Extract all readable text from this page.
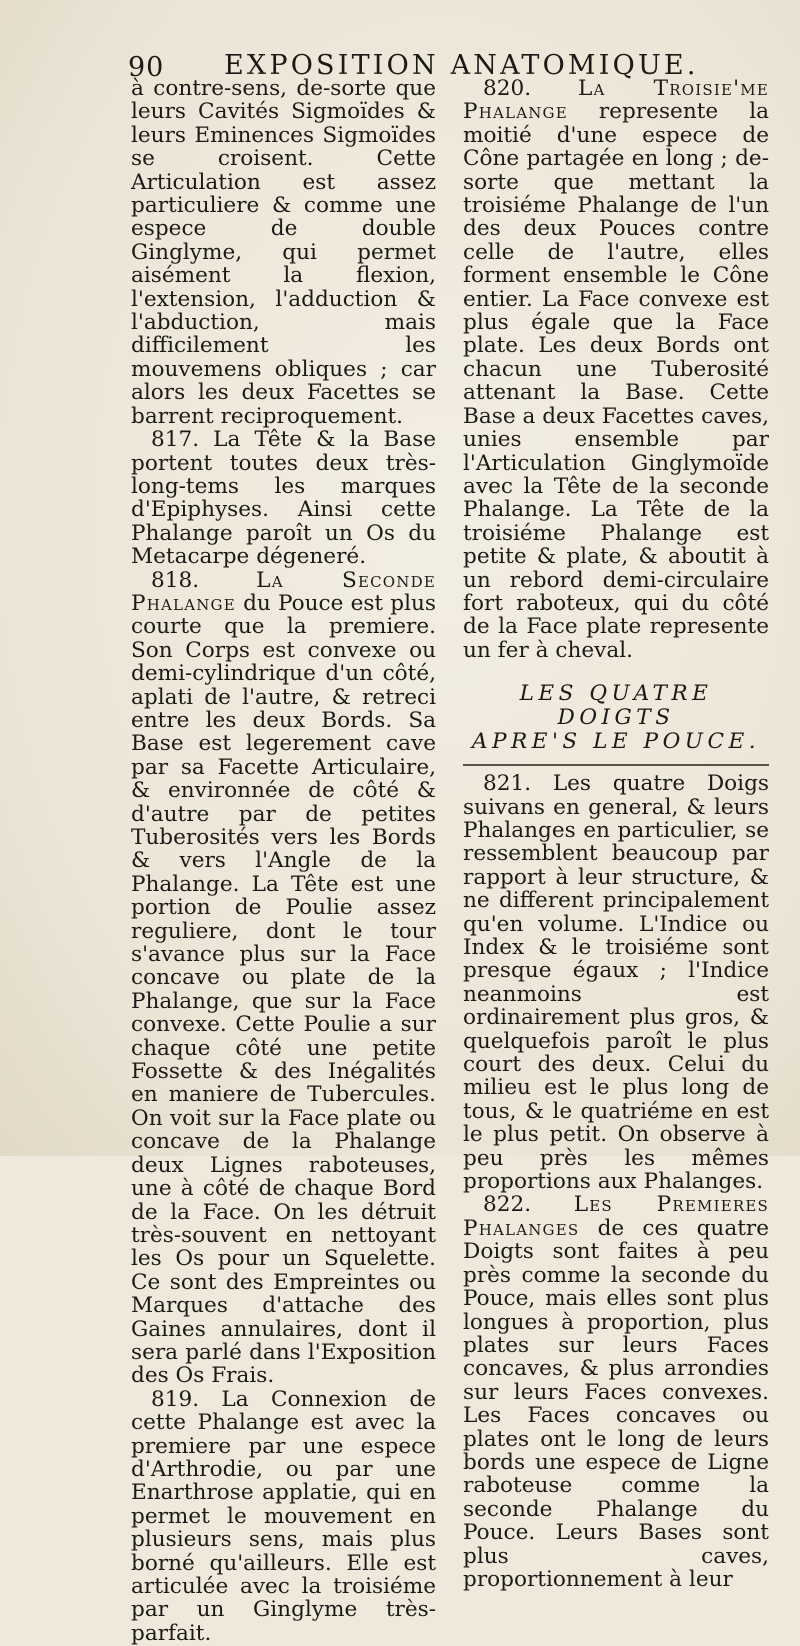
90 EXPOSITION ANATOMIQUE.

à contre-sens, de-sorte que leurs Cavités Sigmoïdes & leurs Eminences Sigmoïdes se croisent. Cette Articulation est assez particuliere & comme une espece de double Ginglyme, qui permet aisément la flexion, l'extension, l'adduction & l'abduction, mais difficilement les mouvemens obliques ; car alors les deux Facettes se barrent reciproquement.

817. La Tête & la Base portent toutes deux très-long-tems les marques d'Epiphyses. Ainsi cette Phalange paroît un Os du Metacarpe dégeneré.

818.	La Seconde Phalange du Pouce est plus courte que la premiere. Son Corps est convexe ou demi-cylindrique d'un côté, aplati de l'autre, & retreci entre les deux Bords. Sa Base est legerement cave par sa Facette Articulaire, & environnée de côté & d'autre par de petites Tuberosités vers les Bords & vers l'Angle de la Phalange. La Tête est une portion de Poulie assez reguliere, dont le tour s'avance plus sur la Face concave ou plate de la Phalange, que sur la Face convexe. Cette Poulie a sur chaque côté une petite Fossette & des Inégalités en maniere de Tubercules. On voit sur la Face plate ou concave de la Phalange deux Lignes raboteuses, une à côté de chaque Bord de la Face. On les détruit très-souvent en nettoyant les Os pour un Squelette. Ce sont des Empreintes ou Marques d'attache des Gaines annulaires, dont il sera parlé dans l'Exposition des Os Frais.

819. La Connexion de cette Phalange est avec la premiere par une espece d'Arthrodie, ou par une Enarthrose applatie, qui en permet le mouvement en plusieurs sens, mais plus borné qu'ailleurs. Elle est articulée avec la troisiéme par un Ginglyme très-parfait.

820. La Troisie'me Phalange represente la moitié d'une espece de Cône partagée en long ; de-sorte que mettant la troisiéme Phalange de l'un des deux Pouces contre celle de l'autre, elles forment ensemble le Cône entier. La Face convexe est plus égale que la Face plate. Les deux Bords ont chacun une Tuberosité attenant la Base. Cette Base a deux Facettes caves, unies ensemble par l'Articulation Ginglymoïde avec la Tête de la seconde Phalange. La Tête de la troisiéme Phalange est petite & plate, & aboutit à un rebord demi-circulaire fort raboteux, qui du côté de la Face plate represente un fer à cheval.

LES QUATRE DOIGTS
APRE'S LE POUCE.

821. Les quatre Doigs suivans en general, & leurs Phalanges en particulier, se ressemblent beaucoup par rapport à leur structure, & ne different principalement qu'en volume. L'Indice ou Index & le troisiéme sont presque égaux ; l'Indice neanmoins est ordinairement plus gros, & quelquefois paroît le plus court des deux. Celui du milieu est le plus long de tous, & le quatriéme en est le plus petit. On observe à peu près les mêmes proportions aux Phalanges.

822. Les Premieres Phalanges de ces quatre Doigts sont faites à peu près comme la seconde du Pouce, mais elles sont plus longues à proportion, plus plates sur leurs Faces concaves, & plus arrondies sur leurs Faces convexes. Les Faces concaves ou plates ont le long de leurs bords une espece de Ligne raboteuse comme la seconde Phalange du Pouce. Leurs Bases sont plus caves, proportionnement à leur
